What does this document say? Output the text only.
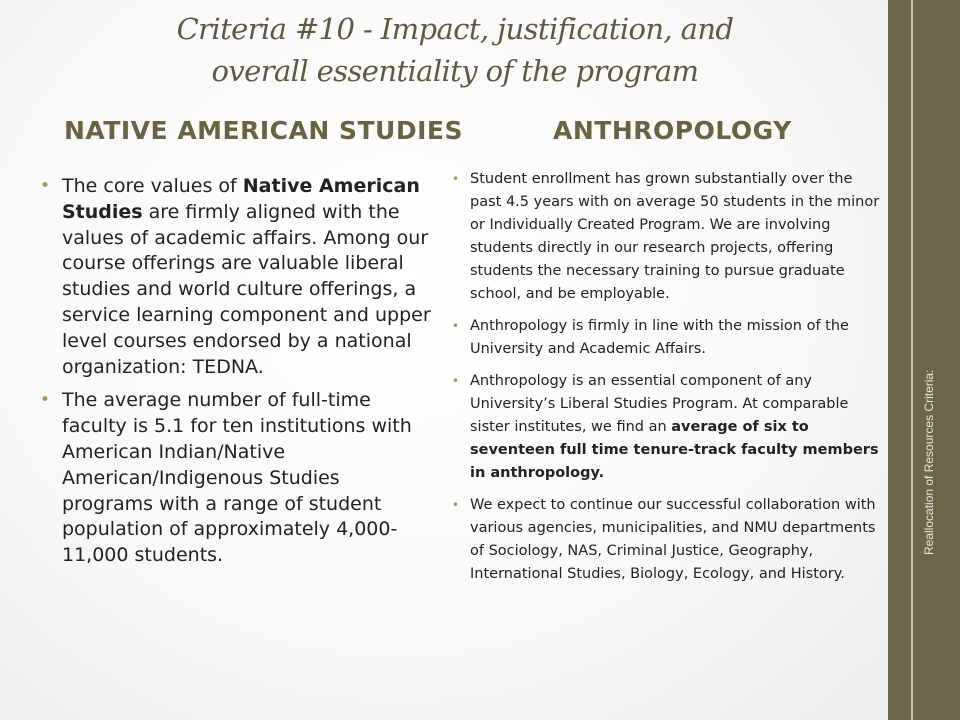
Criteria #10 - Impact, justification, and
overall essentiality of the program
NATIVE AMERICAN STUDIES	ANTHROPOLOGY
• The core values of Native American Studies are firmly aligned with the values of academic affairs. Among our course offerings are valuable liberal studies and world culture offerings, a service learning component and upper level courses endorsed by a national organization: TEDNA.
• The average number of full-time faculty is 5.1 for ten institutions with American Indian/Native American/Indigenous Studies programs with a range of student population of approximately 4,000-11,000 students.
• Student enrollment has grown substantially over the past 4.5 years with on average 50 students in the minor or Individually Created Program. We are involving students directly in our research projects, offering students the necessary training to pursue graduate school, and be employable.
• Anthropology is firmly in line with the mission of the University and Academic Affairs.
• Anthropology is an essential component of any University’s Liberal Studies Program. At comparable sister institutes, we find an average of six to seventeen full time tenure-track faculty members in anthropology.
• We expect to continue our successful collaboration with various agencies, municipalities, and NMU departments of Sociology, NAS, Criminal Justice, Geography, International Studies, Biology, Ecology, and History.
Reallocation of Resources Criteria:
